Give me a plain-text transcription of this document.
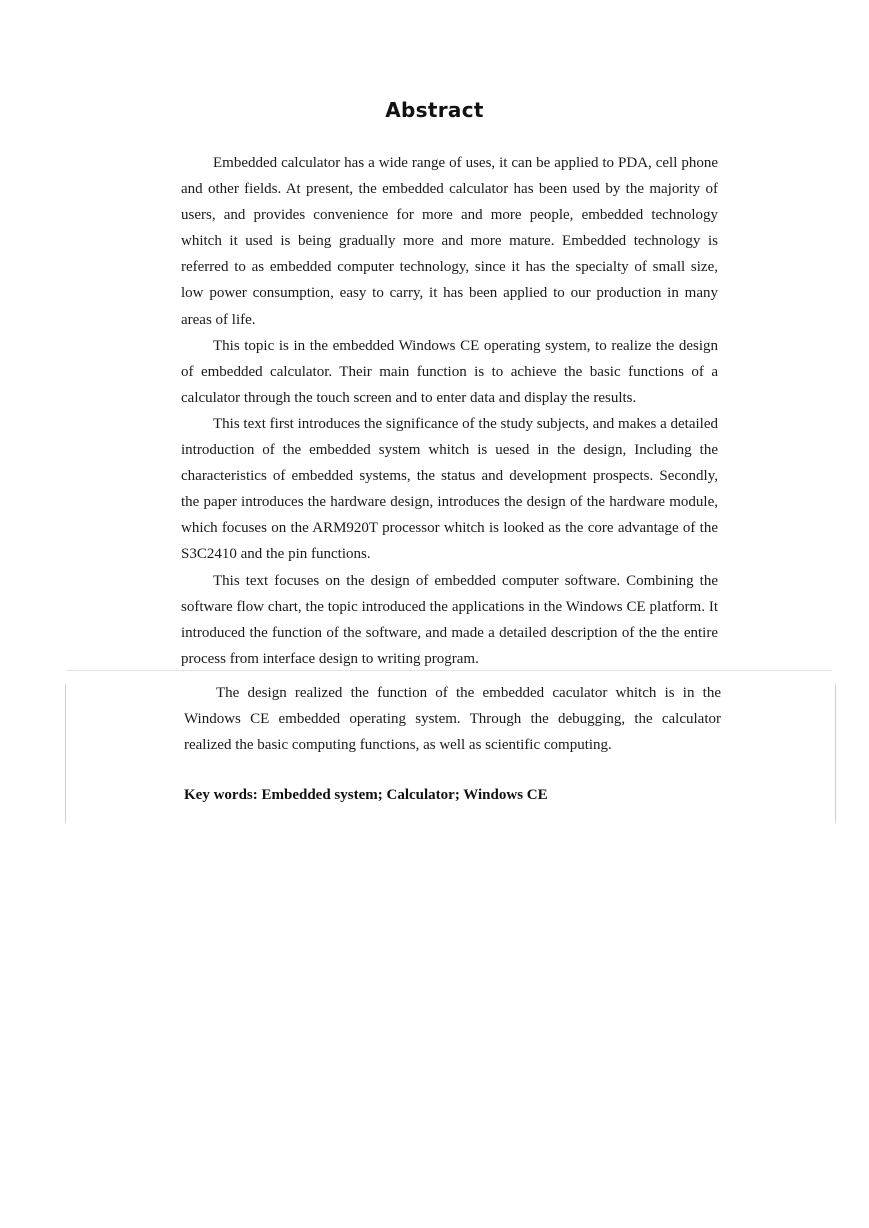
Abstract

Embedded calculator has a wide range of uses, it can be applied to PDA, cell phone and other fields. At present, the embedded calculator has been used by the majority of users, and provides convenience for more and more people, embedded technology whitch it used is being gradually more and more mature. Embedded technology is referred to as embedded computer technology, since it has the specialty of small size, low power consumption, easy to carry, it has been applied to our production in many areas of life.

This topic is in the embedded Windows CE operating system, to realize the design of embedded calculator. Their main function is to achieve the basic functions of a calculator through the touch screen and to enter data and display the results.

This text first introduces the significance of the study subjects, and makes a detailed introduction of the embedded system whitch is uesed in the design, Including the characteristics of embedded systems, the status and development prospects. Secondly, the paper introduces the hardware design, introduces the design of the hardware module, which focuses on the ARM920T processor whitch is looked as the core advantage of the S3C2410 and the pin functions.

This text focuses on the design of embedded computer software. Combining the software flow chart, the topic introduced the applications in the Windows CE platform. It introduced the function of the software, and made a detailed description of the the entire process from interface design to writing program.

The design realized the function of the embedded caculator whitch is in the Windows CE embedded operating system. Through the debugging, the calculator realized the basic computing functions, as well as scientific computing.

Key words: Embedded system; Calculator; Windows CE
